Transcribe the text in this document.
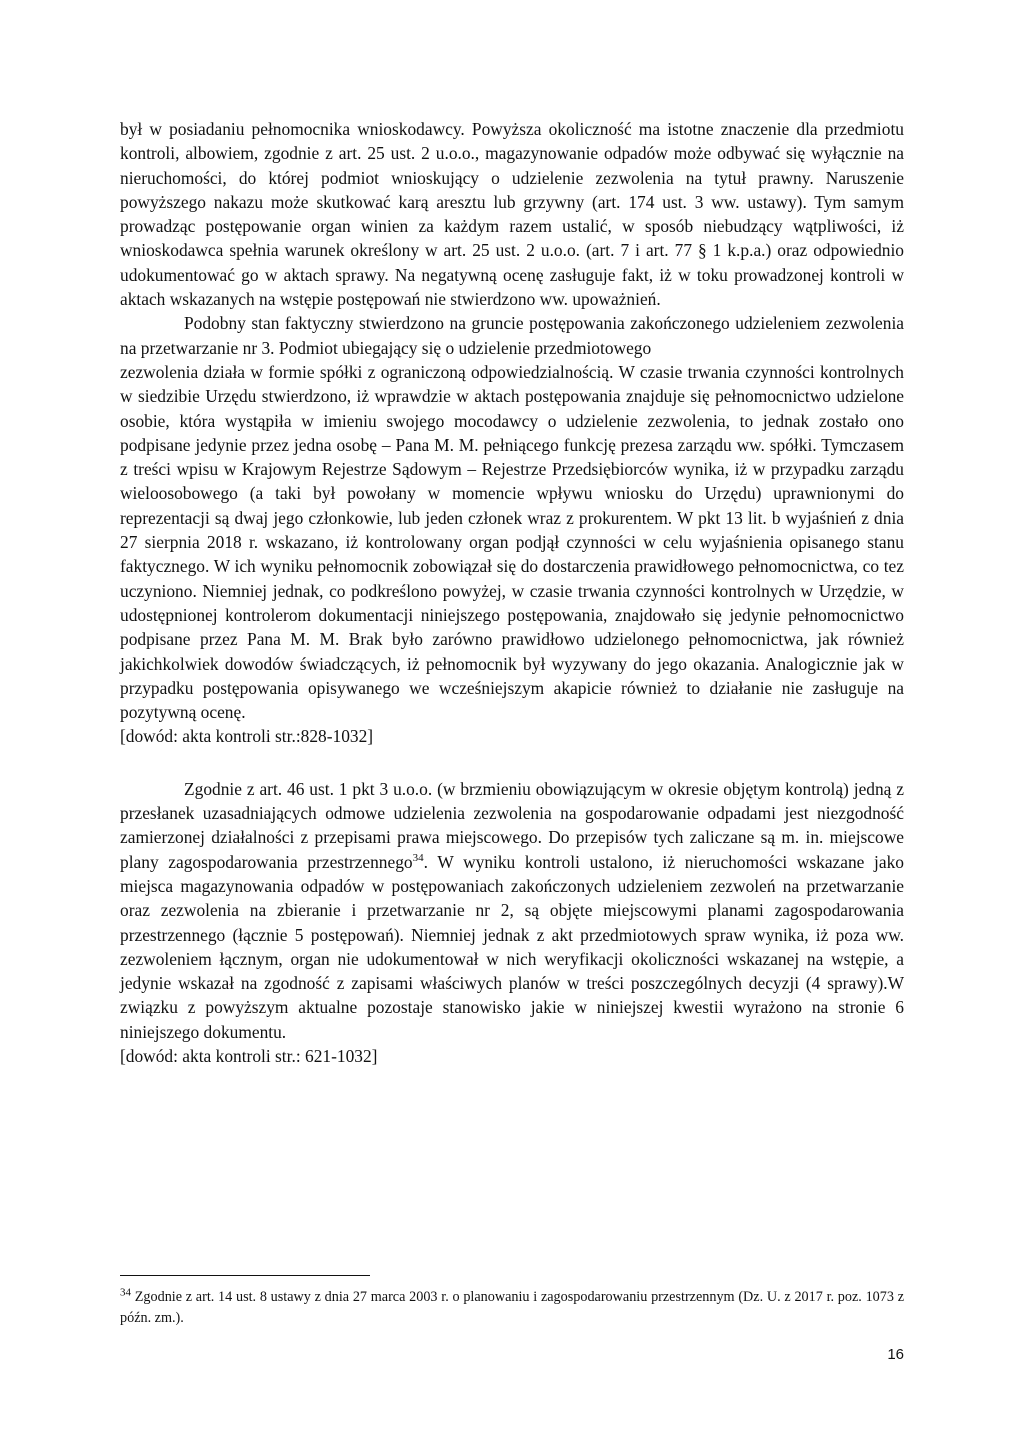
był w posiadaniu pełnomocnika wnioskodawcy. Powyższa okoliczność ma istotne znaczenie dla przedmiotu kontroli, albowiem, zgodnie z art. 25 ust. 2 u.o.o., magazynowanie odpadów może odbywać się wyłącznie na nieruchomości, do której podmiot wnioskujący o udzielenie zezwolenia na tytuł prawny. Naruszenie powyższego nakazu może skutkować karą aresztu lub grzywny (art. 174 ust. 3 ww. ustawy). Tym samym prowadząc postępowanie organ winien za każdym razem ustalić, w sposób niebudzący wątpliwości, iż wnioskodawca spełnia warunek określony w art. 25 ust. 2 u.o.o. (art. 7 i art. 77 § 1 k.p.a.) oraz odpowiednio udokumentować go w aktach sprawy. Na negatywną ocenę zasługuje fakt, iż w toku prowadzonej kontroli w aktach wskazanych na wstępie postępowań nie stwierdzono ww. upoważnień.

Podobny stan faktyczny stwierdzono na gruncie postępowania zakończonego udzieleniem zezwolenia na przetwarzanie nr 3. Podmiot ubiegający się o udzielenie przedmiotowego

zezwolenia działa w formie spółki z ograniczoną odpowiedzialnością. W czasie trwania czynności kontrolnych w siedzibie Urzędu stwierdzono, iż wprawdzie w aktach postępowania znajduje się pełnomocnictwo udzielone osobie, która wystąpiła w imieniu swojego mocodawcy o udzielenie zezwolenia, to jednak zostało ono podpisane jedynie przez jedna osobę – Pana M. M. pełniącego funkcję prezesa zarządu ww. spółki. Tymczasem z treści wpisu w Krajowym Rejestrze Sądowym – Rejestrze Przedsiębiorców wynika, iż w przypadku zarządu wieloosobowego (a taki był powołany w momencie wpływu wniosku do Urzędu) uprawnionymi do reprezentacji są dwaj jego członkowie, lub jeden członek wraz z prokurentem. W pkt 13 lit. b wyjaśnień z dnia 27 sierpnia 2018 r. wskazano, iż kontrolowany organ podjął czynności w celu wyjaśnienia opisanego stanu faktycznego. W ich wyniku pełnomocnik zobowiązał się do dostarczenia prawidłowego pełnomocnictwa, co tez uczyniono. Niemniej jednak, co podkreślono powyżej, w czasie trwania czynności kontrolnych w Urzędzie, w udostępnionej kontrolerom dokumentacji niniejszego postępowania, znajdowało się jedynie pełnomocnictwo podpisane przez Pana M. M. Brak było zarówno prawidłowo udzielonego pełnomocnictwa, jak również jakichkolwiek dowodów świadczących, iż pełnomocnik był wyzywany do jego okazania. Analogicznie jak w przypadku postępowania opisywanego we wcześniejszym akapicie również to działanie nie zasługuje na pozytywną ocenę.

[dowód: akta kontroli str.:828-1032]

Zgodnie z art. 46 ust. 1 pkt 3 u.o.o. (w brzmieniu obowiązującym w okresie objętym kontrolą) jedną z przesłanek uzasadniających odmowe udzielenia zezwolenia na gospodarowanie odpadami jest niezgodność zamierzonej działalności z przepisami prawa miejscowego. Do przepisów tych zaliczane są m. in. miejscowe plany zagospodarowania przestrzennego$^{34}$. W wyniku kontroli ustalono, iż nieruchomości wskazane jako miejsca magazynowania odpadów w postępowaniach zakończonych udzieleniem zezwoleń na przetwarzanie oraz zezwolenia na zbieranie i przetwarzanie nr 2, są objęte miejscowymi planami zagospodarowania przestrzennego (łącznie 5 postępowań). Niemniej jednak z akt przedmiotowych spraw wynika, iż poza ww. zezwoleniem łącznym, organ nie udokumentował w nich weryfikacji okoliczności wskazanej na wstępie, a jedynie wskazał na zgodność z zapisami właściwych planów w treści poszczególnych decyzji (4 sprawy).W związku z powyższym aktualne pozostaje stanowisko jakie w niniejszej kwestii wyrażono na stronie 6 niniejszego dokumentu.

[dowód: akta kontroli str.: 621-1032]

$^{34}$ Zgodnie z art. 14 ust. 8 ustawy z dnia 27 marca 2003 r. o planowaniu i zagospodarowaniu przestrzennym (Dz. U. z 2017 r. poz. 1073 z późn. zm.).

16
